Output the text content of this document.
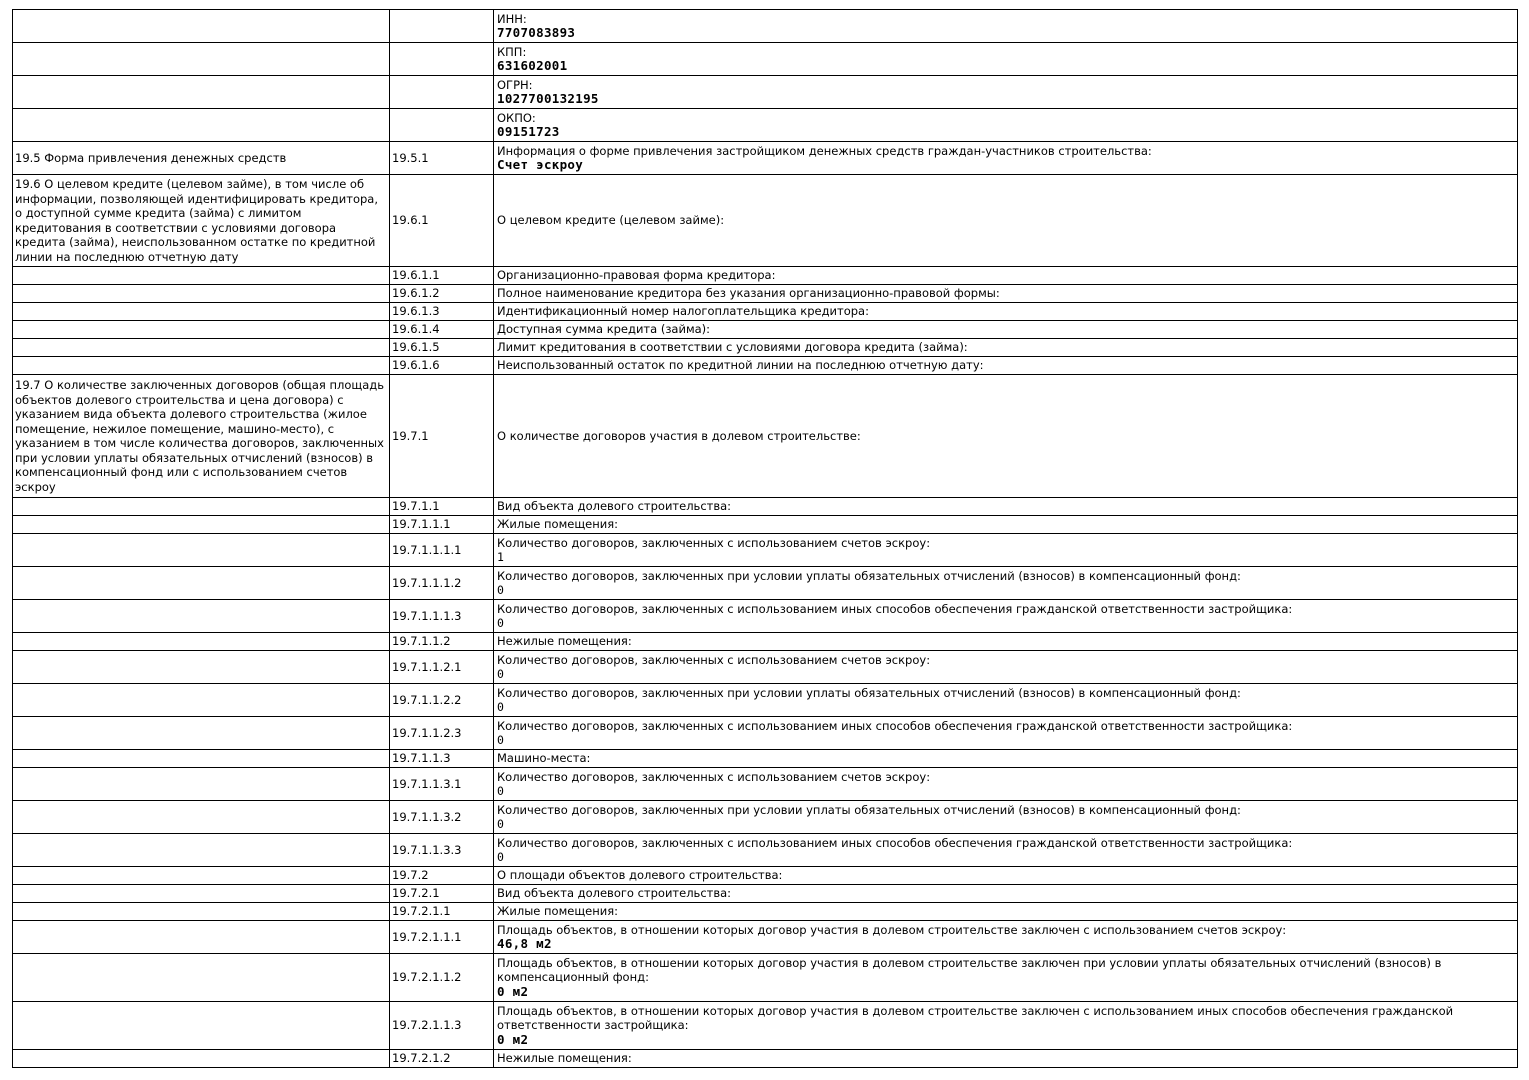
		ИНН:
7707083893

		КПП:
631602001

		ОГРН:
1027700132195

		ОКПО:
09151723

19.5 Форма привлечения денежных средств	19.5.1	Информация о форме привлечения застройщиком денежных средств граждан-участников строительства:
Счет эскроу

19.6 О целевом кредите (целевом займе), в том числе об информации, позволяющей идентифицировать кредитора, о доступной сумме кредита (займа) с лимитом кредитования в соответствии с условиями договора кредита (займа), неиспользованном остатке по кредитной линии на последнюю отчетную дату	19.6.1	О целевом кредите (целевом займе):

	19.6.1.1	Организационно-правовая форма кредитора:

	19.6.1.2	Полное наименование кредитора без указания организационно-правовой формы:

	19.6.1.3	Идентификационный номер налогоплательщика кредитора:

	19.6.1.4	Доступная сумма кредита (займа):

	19.6.1.5	Лимит кредитования в соответствии с условиями договора кредита (займа):

	19.6.1.6	Неиспользованный остаток по кредитной линии на последнюю отчетную дату:

19.7 О количестве заключенных договоров (общая площадь объектов долевого строительства и цена договора) с указанием вида объекта долевого строительства (жилое помещение, нежилое помещение, машино-место), с указанием в том числе количества договоров, заключенных при условии уплаты обязательных отчислений (взносов) в компенсационный фонд или с использованием счетов эскроу	19.7.1	О количестве договоров участия в долевом строительстве:

	19.7.1.1	Вид объекта долевого строительства:

	19.7.1.1.1	Жилые помещения:

	19.7.1.1.1.1	Количество договоров, заключенных с использованием счетов эскроу:
1

	19.7.1.1.1.2	Количество договоров, заключенных при условии уплаты обязательных отчислений (взносов) в компенсационный фонд:
0

	19.7.1.1.1.3	Количество договоров, заключенных с использованием иных способов обеспечения гражданской ответственности застройщика:
0

	19.7.1.1.2	Нежилые помещения:

	19.7.1.1.2.1	Количество договоров, заключенных с использованием счетов эскроу:
0

	19.7.1.1.2.2	Количество договоров, заключенных при условии уплаты обязательных отчислений (взносов) в компенсационный фонд:
0

	19.7.1.1.2.3	Количество договоров, заключенных с использованием иных способов обеспечения гражданской ответственности застройщика:
0

	19.7.1.1.3	Машино-места:

	19.7.1.1.3.1	Количество договоров, заключенных с использованием счетов эскроу:
0

	19.7.1.1.3.2	Количество договоров, заключенных при условии уплаты обязательных отчислений (взносов) в компенсационный фонд:
0

	19.7.1.1.3.3	Количество договоров, заключенных с использованием иных способов обеспечения гражданской ответственности застройщика:
0

	19.7.2	О площади объектов долевого строительства:

	19.7.2.1	Вид объекта долевого строительства:

	19.7.2.1.1	Жилые помещения:

	19.7.2.1.1.1	Площадь объектов, в отношении которых договор участия в долевом строительстве заключен с использованием счетов эскроу:
46,8 м2

	19.7.2.1.1.2	Площадь объектов, в отношении которых договор участия в долевом строительстве заключен при условии уплаты обязательных отчислений (взносов) в компенсационный фонд:
0 м2

	19.7.2.1.1.3	Площадь объектов, в отношении которых договор участия в долевом строительстве заключен с использованием иных способов обеспечения гражданской ответственности застройщика:
0 м2

	19.7.2.1.2	Нежилые помещения:
